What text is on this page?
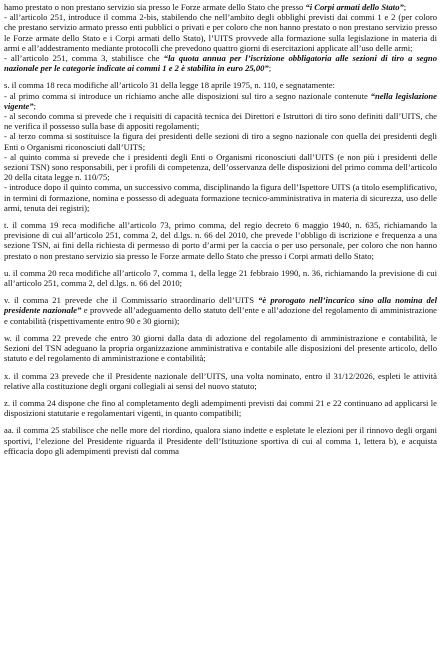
hamo prestato o non prestano servizio sia presso le Forze armate dello Stato che presso “i Corpi armati dello Stato”;

- all’articolo 251, introduce il comma 2-bis, stabilendo che nell’ambito degli obblighi previsti dai commi 1 e 2 (per coloro che prestano servizio armato presso enti pubblici o privati e per coloro che non hanno prestato o non prestano servizio presso le Forze armate dello Stato e i Corpi armati dello Stato), l’UITS provvede alla formazione sulla legislazione in materia di armi e all’addestramento mediante protocolli che prevedono quattro giorni di esercitazioni applicate all’uso delle armi;

- all’articolo 251, comma 3, stabilisce che “la quota annua per l’iscrizione obbligatoria alle sezioni di tiro a segno nazionale per le categorie indicate ai commi 1 e 2 è stabilita in euro 25,00”;

s. il comma 18 reca modifiche all’articolo 31 della legge 18 aprile 1975, n. 110, e segnatamente:

- al primo comma si introduce un richiamo anche alle disposizioni sul tiro a segno nazionale contenute “nella legislazione vigente”;

- al secondo comma si prevede che i requisiti di capacità tecnica dei Direttori e Istruttori di tiro sono definiti dall’UITS, che ne verifica il possesso sulla base di appositi regolamenti;

- al terzo comma si sostituisce la figura dei presidenti delle sezioni di tiro a segno nazionale con quella dei presidenti degli Enti o Organismi riconosciuti dall’UITS;

- al quinto comma si prevede che i presidenti degli Enti o Organismi riconosciuti dall’UITS (e non più i presidenti delle sezioni TSN) sono responsabili, per i profili di competenza, dell’osservanza delle disposizioni del primo comma dell’articolo 20 della citata legge n. 110/75;

- introduce dopo il quinto comma, un successivo comma, disciplinando la figura dell’Ispettore UITS (a titolo esemplificativo, in termini di formazione, nomina e possesso di adeguata formazione tecnico-amministrativa in materia di sicurezza, uso delle armi, tenuta dei registri);

t. il comma 19 reca modifiche all’articolo 73, primo comma, del regio decreto 6 maggio 1940, n. 635, richiamando la previsione di cui all’articolo 251, comma 2, del d.lgs. n. 66 del 2010, che prevede l’obbligo di iscrizione e frequenza a una sezione TSN, ai fini della richiesta di permesso di porto d’armi per la caccia o per uso personale, per coloro che non hanno prestato o non prestano servizio sia presso le Forze armate dello Stato che presso i Corpi armati dello Stato;

u. il comma 20 reca modifiche all’articolo 7, comma 1, della legge 21 febbraio 1990, n. 36, richiamando la previsione di cui all’articolo 251, comma 2, del d.lgs. n. 66 del 2010;

v. il comma 21 prevede che il Commissario straordinario dell’UITS “è prorogato nell’incarico sino alla nomina del presidente nazionale” e provvede all’adeguamento dello statuto dell’ente e all’adozione del regolamento di amministrazione e contabilità (rispettivamente entro 90 e 30 giorni);

w. il comma 22 prevede che entro 30 giorni dalla data di adozione del regolamento di amministrazione e contabilità, le Sezioni del TSN adeguano la propria organizzazione amministrativa e contabile alle disposizioni del presente articolo, dello statuto e del regolamento di amministrazione e contabilità;

x. il comma 23 prevede che il Presidente nazionale dell’UITS, una volta nominato, entro il 31/12/2026, espleti le attività relative alla costituzione degli organi collegiali ai sensi del nuovo statuto;

z. il comma 24 dispone che fino al completamento degli adempimenti previsti dai commi 21 e 22 continuano ad applicarsi le disposizioni statutarie e regolamentari vigenti, in quanto compatibili;

aa. il comma 25 stabilisce che nelle more del riordino, qualora siano indette e espletate le elezioni per il rinnovo degli organi sportivi, l’elezione del Presidente riguarda il Presidente dell’Istituzione sportiva di cui al comma 1, lettera b), e acquista efficacia dopo gli adempimenti previsti dal comma
